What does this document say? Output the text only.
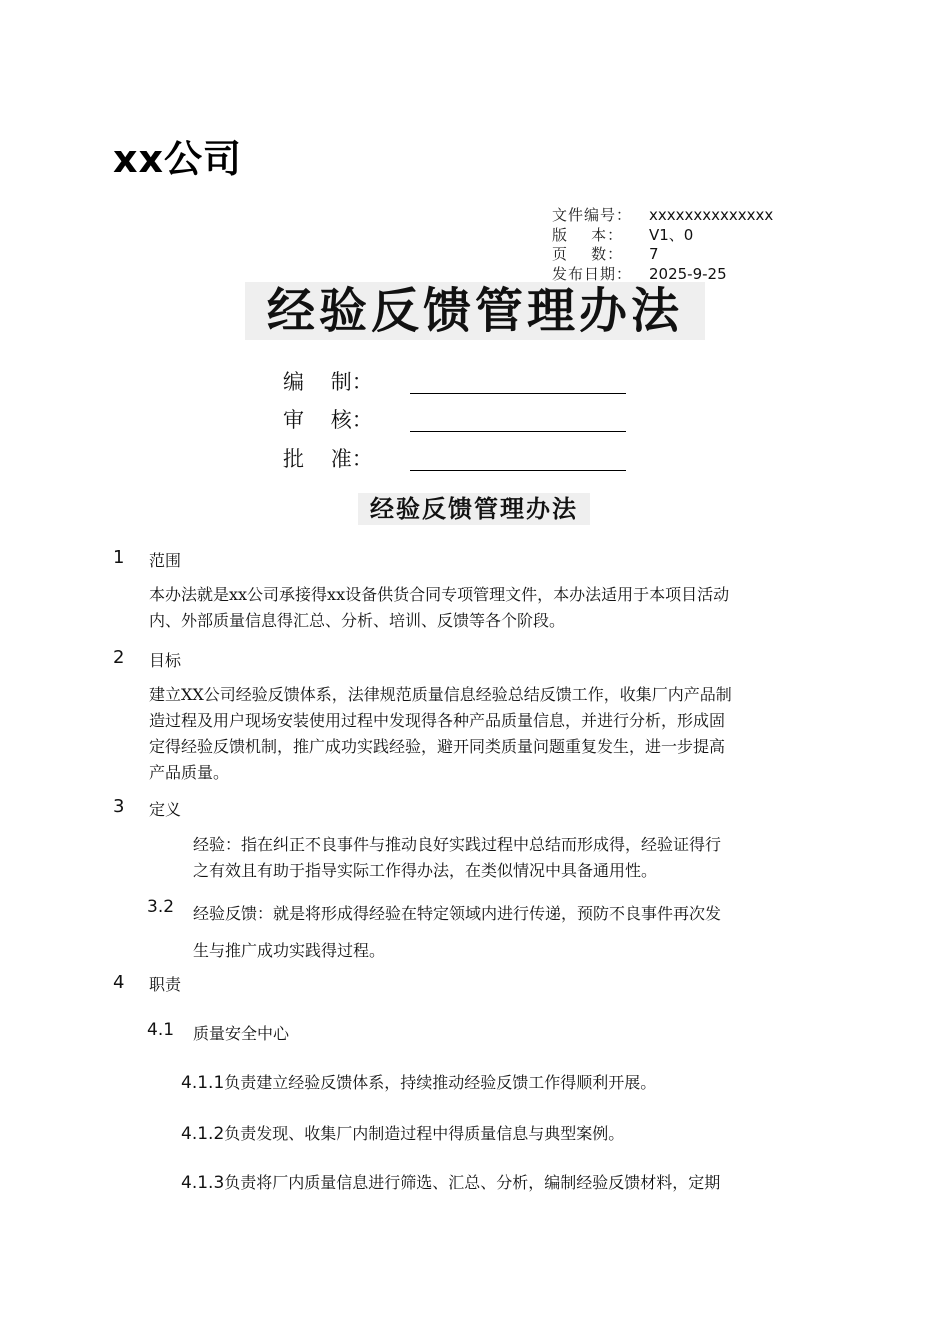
xx公司
文件编号： xxxxxxxxxxxxxx
版    本： V1、0
页    数： 7
发布日期： 2025-9-25
经验反馈管理办法
编    制：
审    核：
批    准：
经验反馈管理办法
1 范围
本办法就是xx公司承接得xx设备供货合同专项管理文件，本办法适用于本项目活动
内、外部质量信息得汇总、分析、培训、反馈等各个阶段。
2 目标
建立XX公司经验反馈体系，法律规范质量信息经验总结反馈工作，收集厂内产品制
造过程及用户现场安装使用过程中发现得各种产品质量信息，并进行分析，形成固
定得经验反馈机制，推广成功实践经验，避开同类质量问题重复发生，进一步提高
产品质量。
3 定义
经验：指在纠正不良事件与推动良好实践过程中总结而形成得，经验证得行
之有效且有助于指导实际工作得办法，在类似情况中具备通用性。
3.2 经验反馈：就是将形成得经验在特定领域内进行传递，预防不良事件再次发
生与推广成功实践得过程。
4 职责
4.1 质量安全中心
4.1.1负责建立经验反馈体系，持续推动经验反馈工作得顺利开展。
4.1.2负责发现、收集厂内制造过程中得质量信息与典型案例。
4.1.3负责将厂内质量信息进行筛选、汇总、分析，编制经验反馈材料，定期
